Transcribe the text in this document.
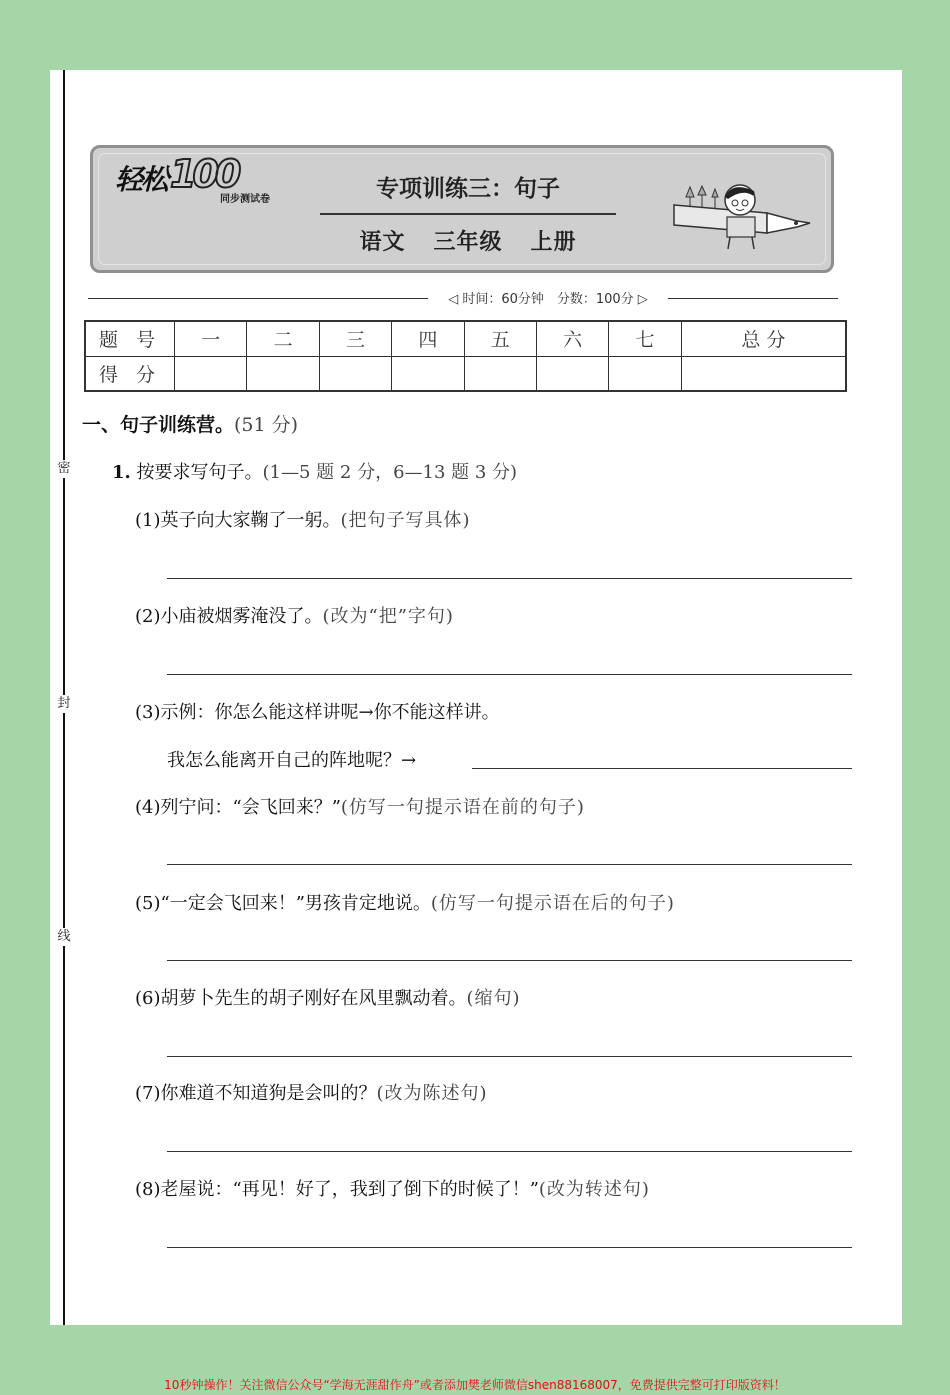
密
封
线
轻松 100
同步测试卷	专项训练三：句子
语文 三年级 上册
◁ 时间：60分钟　分数：100分 ▷
题 号	一	二	三	四	五	六	七	总 分
得 分								
一、句子训练营。(51 分)
1. 按要求写句子。(1—5 题 2 分，6—13 题 3 分)
(1)英子向大家鞠了一躬。(把句子写具体)
(2)小庙被烟雾淹没了。(改为“把”字句)
(3)示例：你怎么能这样讲呢→你不能这样讲。
我怎么能离开自己的阵地呢？→
(4)列宁问：“会飞回来？”(仿写一句提示语在前的句子)
(5)“一定会飞回来！”男孩肯定地说。(仿写一句提示语在后的句子)
(6)胡萝卜先生的胡子刚好在风里飘动着。(缩句)
(7)你难道不知道狗是会叫的？(改为陈述句)
(8)老屋说：“再见！好了，我到了倒下的时候了！”(改为转述句)
10秒钟操作！关注微信公众号“学海无涯甜作舟”或者添加樊老师微信shen88168007，免费提供完整可打印版资料！
